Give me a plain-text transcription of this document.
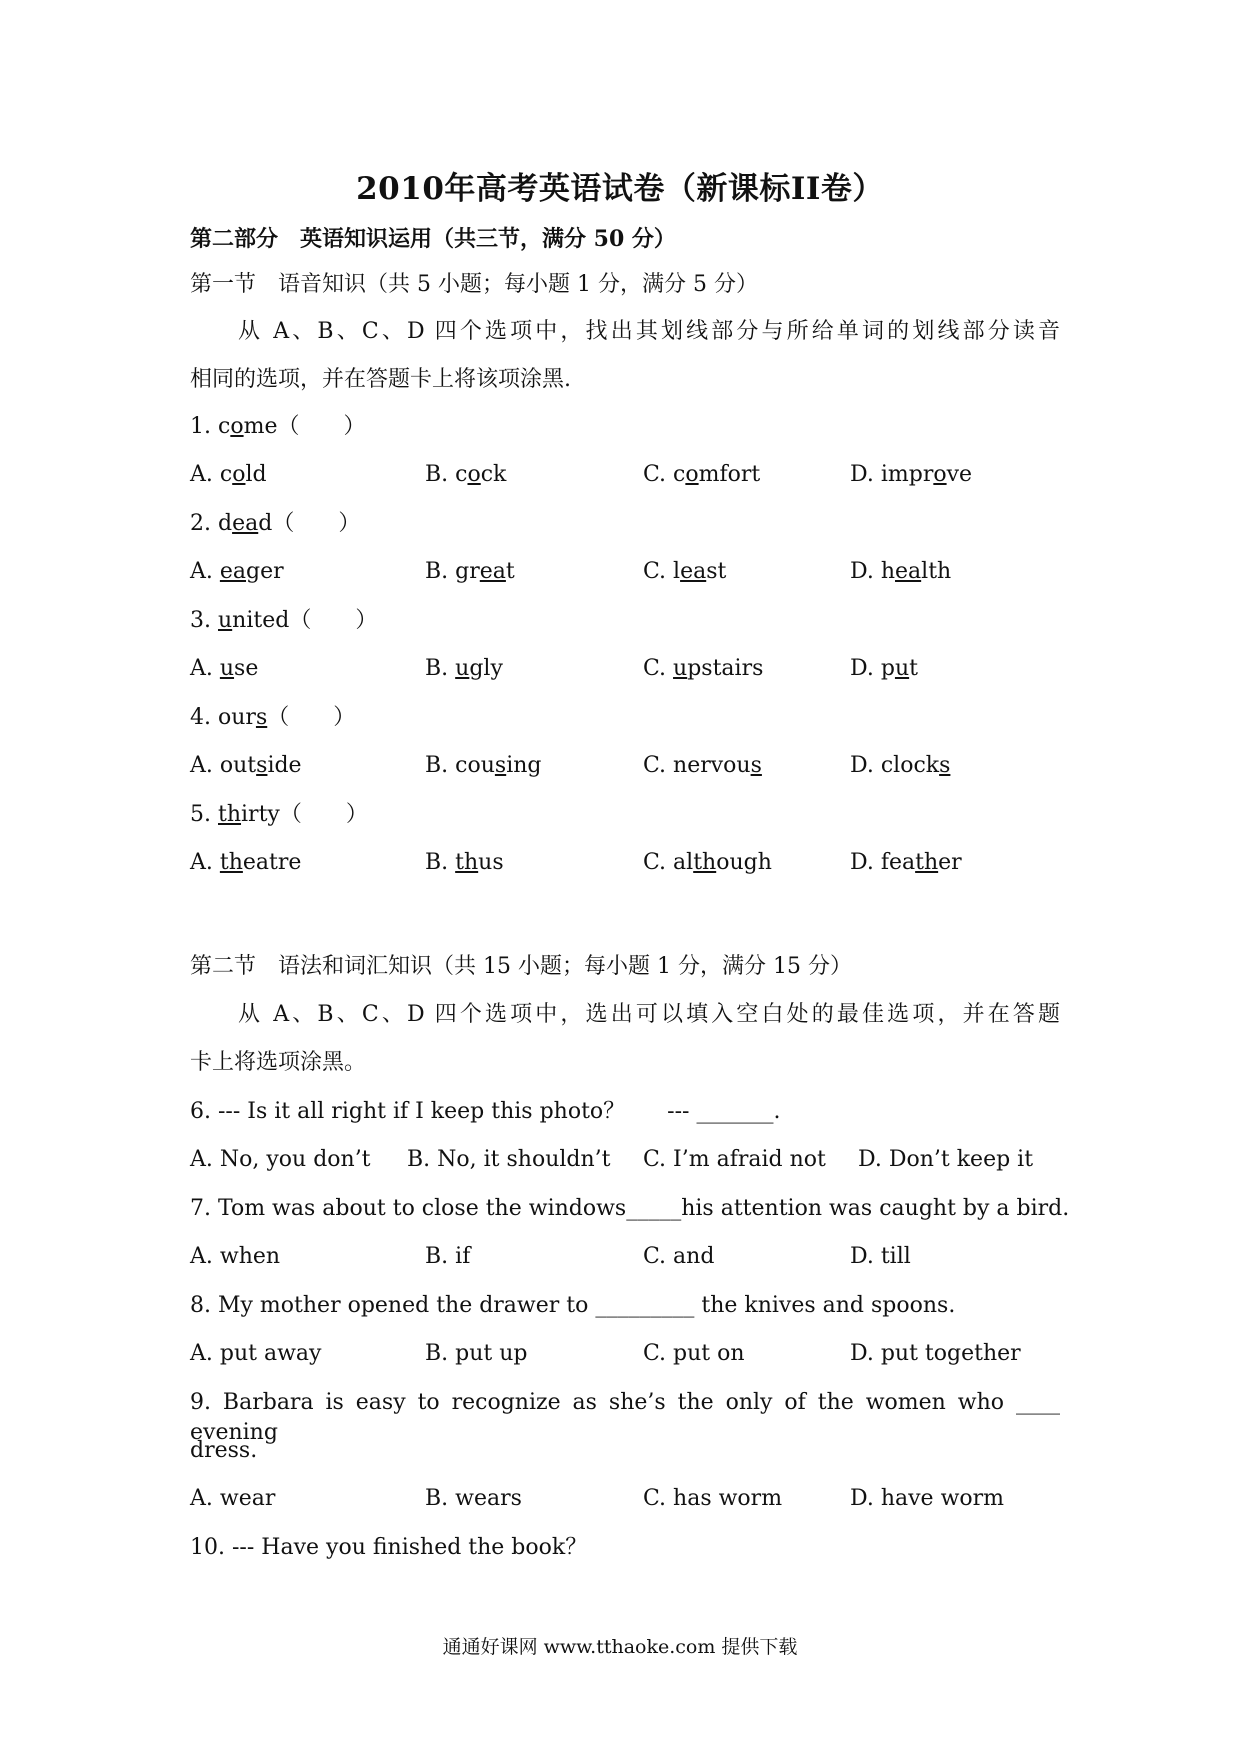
2010年高考英语试卷（新课标II卷）
第二部分　英语知识运用（共三节，满分 50 分）
第一节　语音知识（共 5 小题；每小题 1 分，满分 5 分）
从 A、B、C、D 四个选项中，找出其划线部分与所给单词的划线部分读音
相同的选项，并在答题卡上将该项涂黑.
1. come（　　）
A. cold	B. cock	C. comfort	D. improve
2. dead（　　）
A. eager	B. great	C. least	D. health
3. united（　　）
A. use	B. ugly	C. upstairs	D. put
4. ours（　　）
A. outside	B. cousing	C. nervous	D. clocks
5. thirty（　　）
A. theatre	B. thus	C. although	D. feather
第二节　语法和词汇知识（共 15 小题；每小题 1 分，满分 15 分）
从 A、B、C、D 四个选项中，选出可以填入空白处的最佳选项，并在答题
卡上将选项涂黑。
6. --- Is it all right if I keep this photo？ --- _______.
A. No, you don’t B. No, it shouldn’t C. I’m afraid not D. Don’t keep it
7. Tom was about to close the windows_____his attention was caught by a bird.
A. when	B. if	C. and	D. till
8. My mother opened the drawer to _________ the knives and spoons.
A. put away	B. put up	C. put on	D. put together
9. Barbara is easy to recognize as she’s the only of the women who ____ evening
dress.
A. wear	B. wears	C. has worm	D. have worm
10. --- Have you finished the book？
通通好课网 www.tthaoke.com 提供下载
